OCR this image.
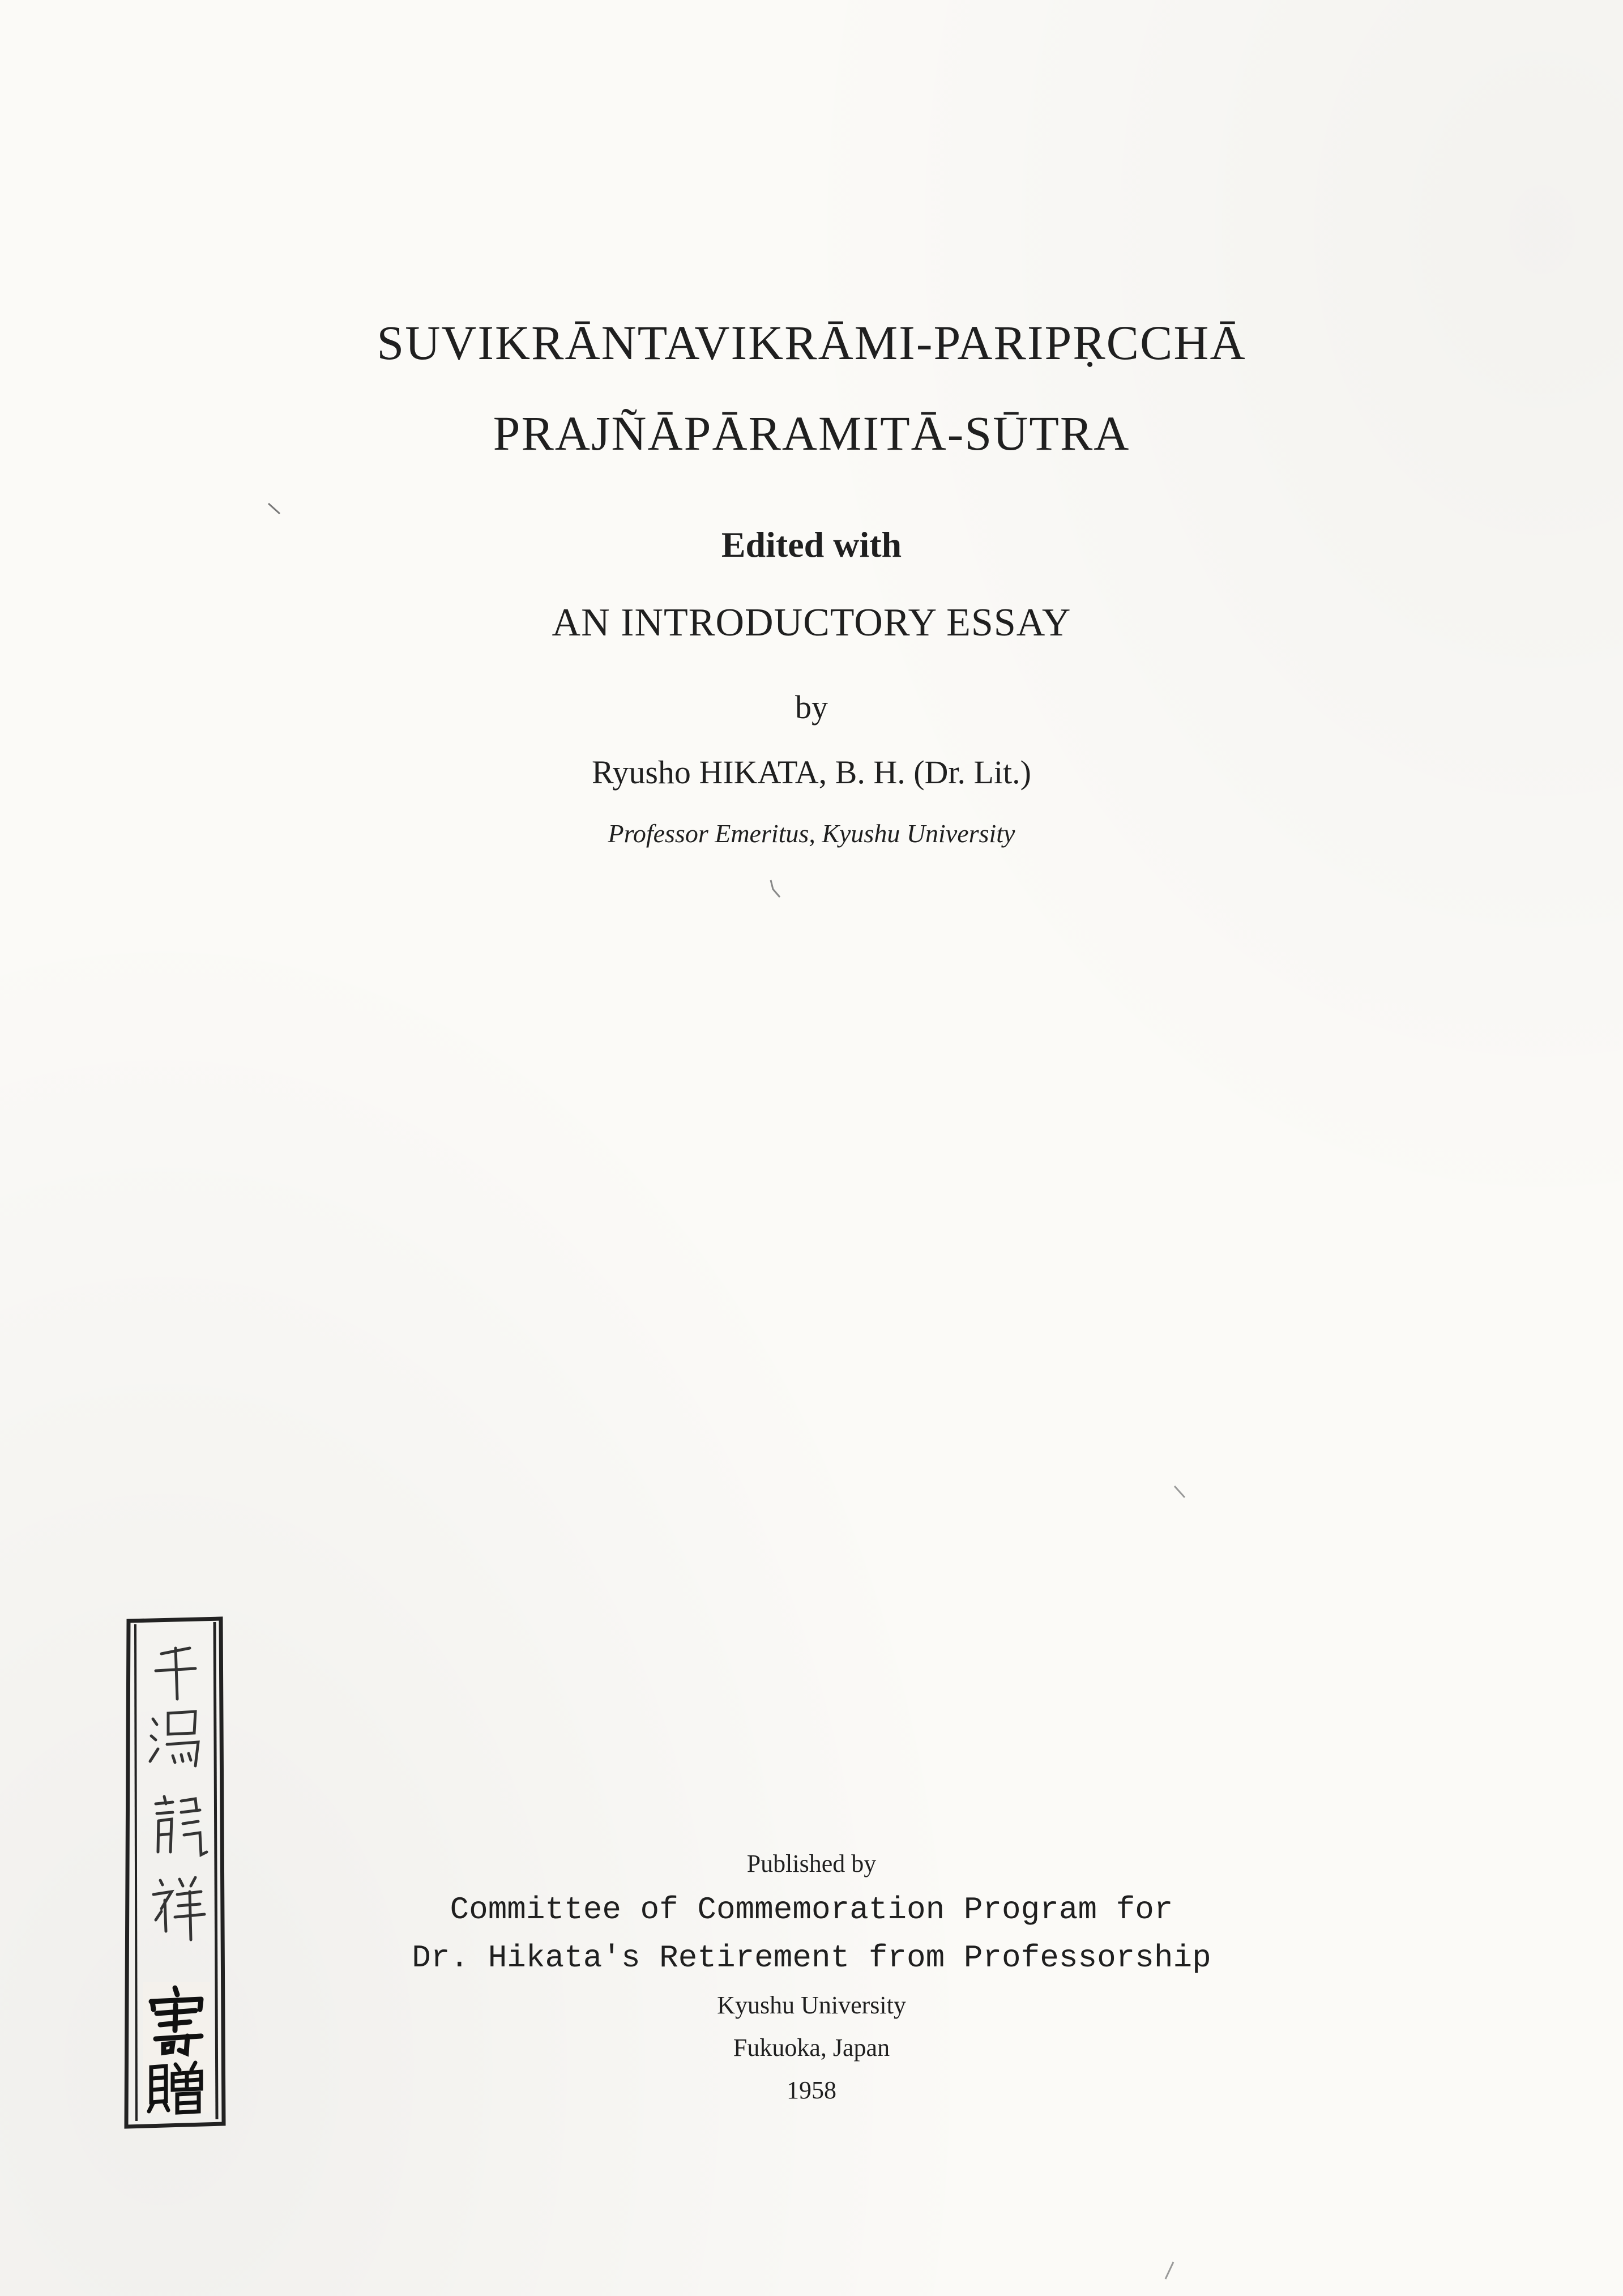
SUVIKRĀNTAVIKRĀMI-PARIPṚCCHĀ
PRAJÑĀPĀRAMITĀ-SŪTRA
Edited with
AN INTRODUCTORY ESSAY
by
Ryusho HIKATA, B. H. (Dr. Lit.)
Professor Emeritus, Kyushu University
Published by
Committee of Commemoration Program for
Dr. Hikata's Retirement from Professorship
Kyushu University
Fukuoka, Japan
1958
